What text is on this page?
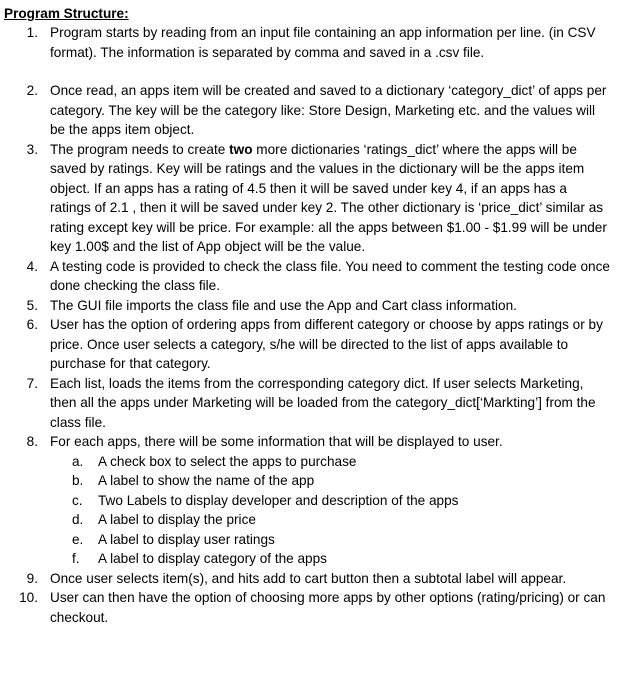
Program Structure:

1. Program starts by reading from an input file containing an app information per line. (in CSV format). The information is separated by comma and saved in a .csv file.
2. Once read, an apps item will be created and saved to a dictionary ‘category_dict’ of apps per category. The key will be the category like: Store Design, Marketing etc. and the values will be the apps item object.
3. The program needs to create two more dictionaries ‘ratings_dict’ where the apps will be saved by ratings. Key will be ratings and the values in the dictionary will be the apps item object. If an apps has a rating of 4.5 then it will be saved under key 4, if an apps has a ratings of 2.1 , then it will be saved under key 2. The other dictionary is ‘price_dict’ similar as rating except key will be price. For example: all the apps between $1.00 - $1.99 will be under key 1.00$ and the list of App object will be the value.
4. A testing code is provided to check the class file. You need to comment the testing code once done checking the class file.
5. The GUI file imports the class file and use the App and Cart class information.
6. User has the option of ordering apps from different category or choose by apps ratings or by price. Once user selects a category, s/he will be directed to the list of apps available to purchase for that category.
7. Each list, loads the items from the corresponding category dict. If user selects Marketing, then all the apps under Marketing will be loaded from the category_dict[‘Markting’] from the class file.
8. For each apps, there will be some information that will be displayed to user.
a.	A check box to select the apps to purchase
b.	A label to show the name of the app
c.	Two Labels to display developer and description of the apps
d.	A label to display the price
e.	A label to display user ratings
f.	A label to display category of the apps
9. Once user selects item(s), and hits add to cart button then a subtotal label will appear.
10. User can then have the option of choosing more apps by other options (rating/pricing) or can checkout.
